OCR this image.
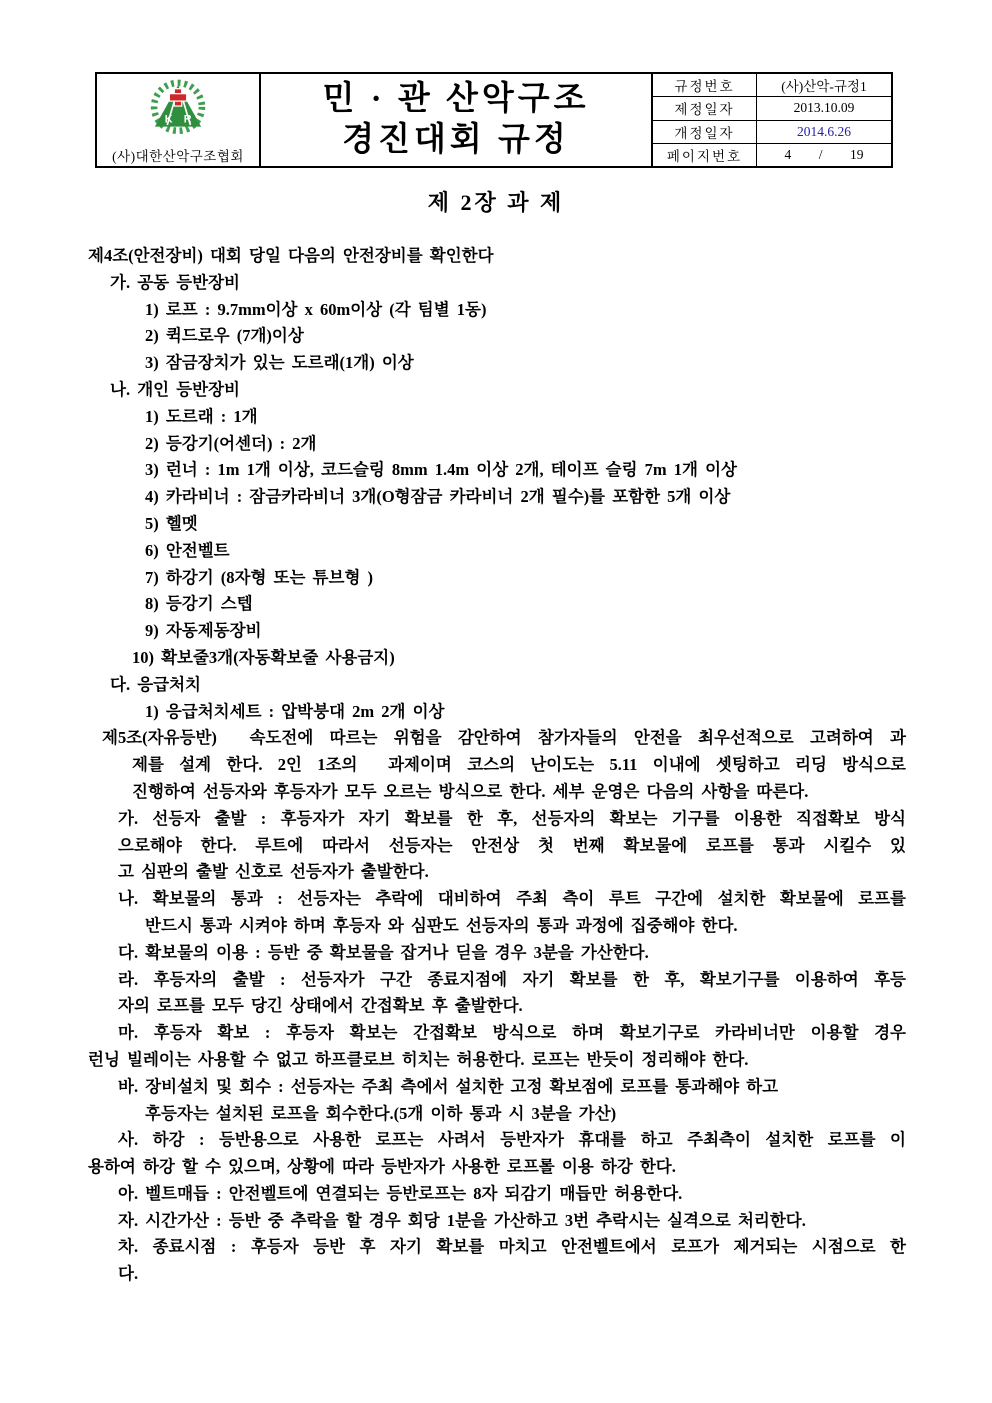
K R
(사)대한산악구조협회
민 · 관 산악구조
경진대회 규정
규정번호	(사)산악-규정1
제정일자	2013.10.09
개정일자	2014.6.26
페이지번호	4 / 19
제 2장 과 제
제4조(안전장비) 대회 당일 다음의 안전장비를 확인한다
가. 공동 등반장비
1) 로프 : 9.7mm이상 x 60m이상 (각 팀별 1동)
2) 퀵드로우 (7개)이상
3) 잠금장치가 있는 도르래(1개) 이상
나. 개인 등반장비
1) 도르래 : 1개
2) 등강기(어센더) : 2개
3) 런너 : 1m 1개 이상, 코드슬링 8mm 1.4m 이상 2개, 테이프 슬링 7m 1개 이상
4) 카라비너 : 잠금카라비너 3개(O형잠금 카라비너 2개 필수)를 포함한 5개 이상
5) 헬멧
6) 안전벨트
7) 하강기 (8자형 또는 튜브형 )
8) 등강기 스텝
9) 자동제동장비
10) 확보줄3개(자동확보줄 사용금지)
다. 응급처치
1) 응급처치세트 : 압박붕대 2m 2개 이상
제5조(자유등반)  속도전에 따르는 위험을 감안하여 참가자들의 안전을 최우선적으로 고려하여 과
제를 설계 한다. 2인 1조의  과제이며 코스의 난이도는 5.11 이내에 셋팅하고 리딩 방식으로
진행하여 선등자와 후등자가 모두 오르는 방식으로 한다. 세부 운영은 다음의 사항을 따른다.
가. 선등자 출발 : 후등자가 자기 확보를 한 후, 선등자의 확보는 기구를 이용한 직접확보 방식
으로해야 한다. 루트에 따라서 선등자는 안전상 첫 번째 확보물에 로프를 통과 시킬수 있
고 심판의 출발 신호로 선등자가 출발한다.
나. 확보물의 통과 : 선등자는 추락에 대비하여 주최 측이 루트 구간에 설치한 확보물에 로프를
반드시 통과 시켜야 하며 후등자 와 심판도 선등자의 통과 과정에 집중해야 한다.
다. 확보물의 이용 : 등반 중 확보물을 잡거나 딛을 경우 3분을 가산한다.
라. 후등자의 출발 : 선등자가 구간 종료지점에 자기 확보를 한 후, 확보기구를 이용하여 후등
자의 로프를 모두 당긴 상태에서 간접확보 후 출발한다.
마. 후등자 확보 : 후등자 확보는 간접확보 방식으로 하며 확보기구로 카라비너만 이용할 경우
런닝 빌레이는 사용할 수 없고 하프클로브 히치는 허용한다. 로프는 반듯이 정리해야 한다.
바. 장비설치 및 회수 : 선등자는 주최 측에서 설치한 고정 확보점에 로프를 통과해야 하고
후등자는 설치된 로프을 회수한다.(5개 이하 통과 시 3분을 가산)
사. 하강 : 등반용으로 사용한 로프는 사려서 등반자가 휴대를 하고 주최측이 설치한 로프를 이
용하여 하강 할 수 있으며, 상황에 따라 등반자가 사용한 로프롤 이용 하강 한다.
아. 벨트매듭 : 안전벨트에 연결되는 등반로프는 8자 되감기 매듭만 허용한다.
자. 시간가산 : 등반 중 추락을 할 경우 회당 1분을 가산하고 3번 추락시는 실격으로 처리한다.
차. 종료시점 : 후등자 등반 후 자기 확보를 마치고 안전벨트에서 로프가 제거되는 시점으로 한
다.
